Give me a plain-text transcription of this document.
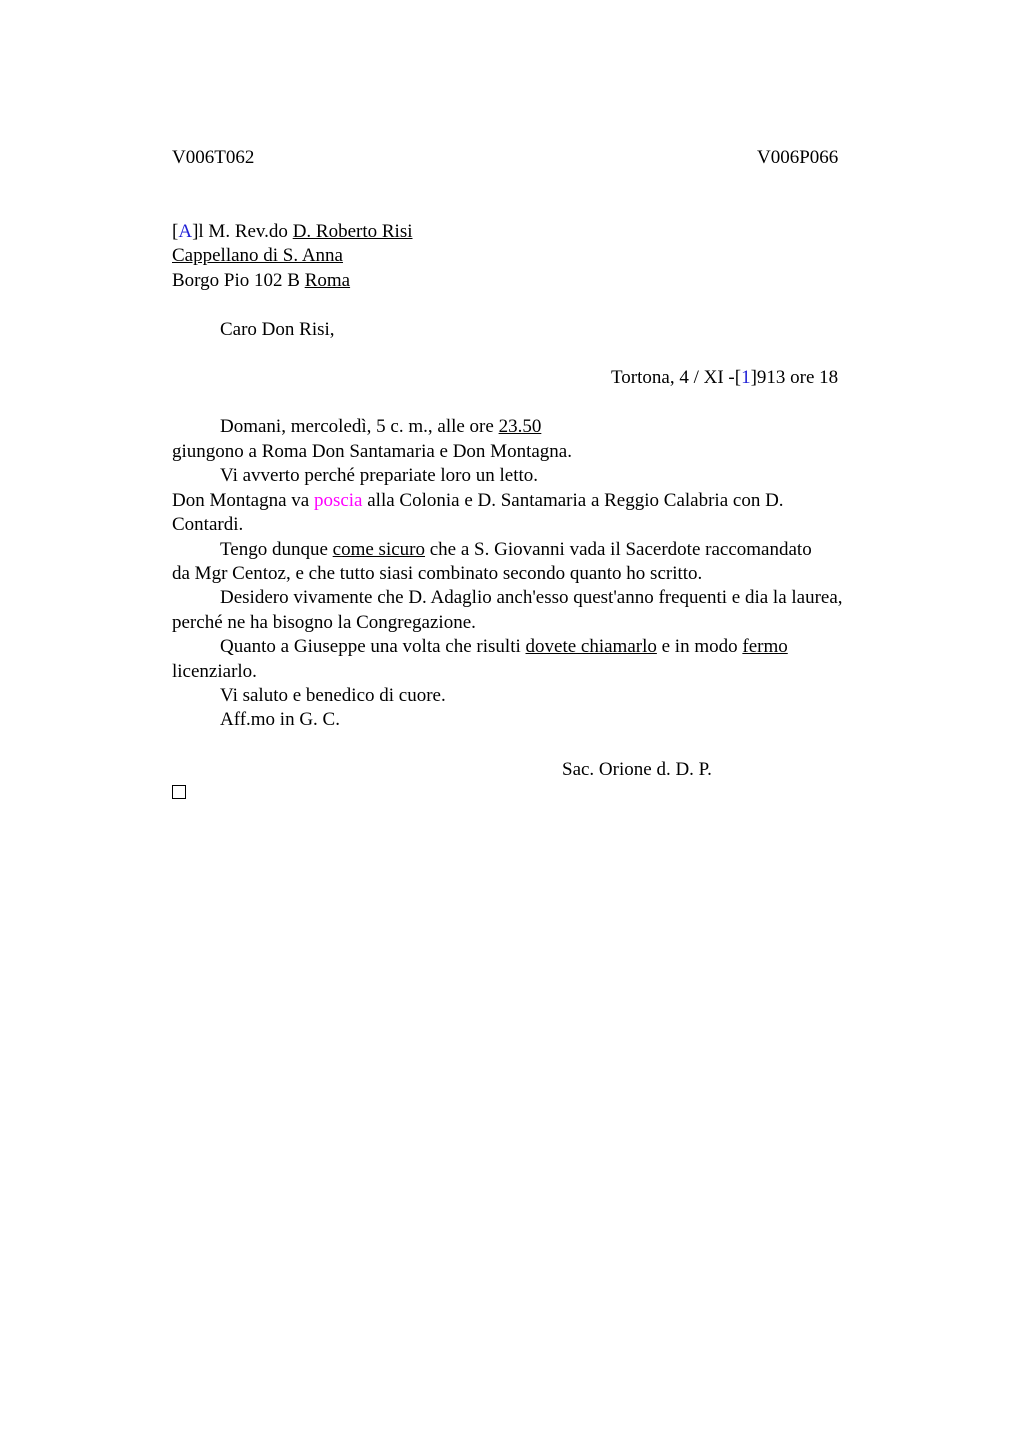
V006T062	V006P066
[A]l M. Rev.do D. Roberto Risi
Cappellano di S. Anna
Borgo Pio 102 B Roma
Caro Don Risi,
Tortona, 4 / XI -[1]913 ore 18
Domani, mercoledì, 5 c. m., alle ore 23.50
giungono a Roma Don Santamaria e Don Montagna.
Vi avverto perché prepariate loro un letto.
Don Montagna va poscia alla Colonia e D. Santamaria a Reggio Calabria con D.
Contardi.
Tengo dunque come sicuro che a S. Giovanni vada il Sacerdote raccomandato
da Mgr Centoz, e che tutto siasi combinato secondo quanto ho scritto.
Desidero vivamente che D. Adaglio anch'esso quest'anno frequenti e dia la laurea,
perché ne ha bisogno la Congregazione.
Quanto a Giuseppe una volta che risulti dovete chiamarlo e in modo fermo
licenziarlo.
Vi saluto e benedico di cuore.
Aff.mo in G. C.
Sac. Orione d. D. P.
